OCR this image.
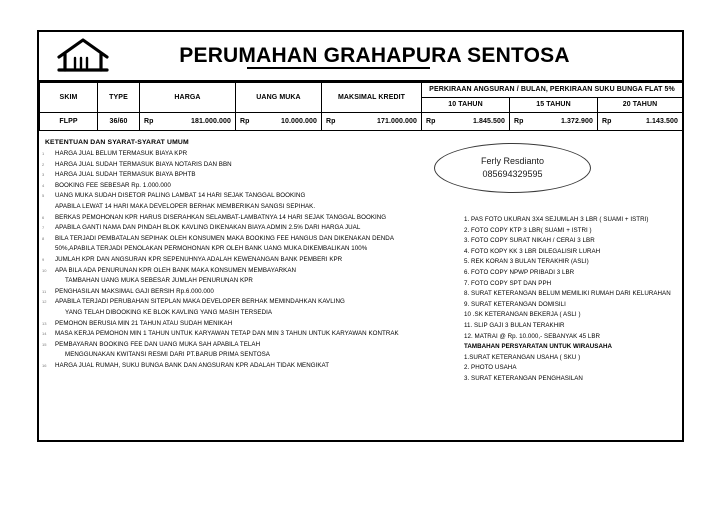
PERUMAHAN GRAHAPURA SENTOSA
SKIM	TYPE	HARGA	UANG MUKA	MAKSIMAL KREDIT	PERKIRAAN ANGSURAN / BULAN, PERKIRAAN SUKU BUNGA FLAT 5%		
					10 TAHUN	15 TAHUN	20 TAHUN
FLPP	36/60	Rp 181.000.000	Rp 10.000.000	Rp 171.000.000	Rp 1.845.500	Rp 1.372.900	Rp 1.143.500
KETENTUAN DAN SYARAT-SYARAT UMUM
1 HARGA JUAL BELUM TERMASUK BIAYA KPR
2 HARGA JUAL SUDAH TERMASUK BIAYA NOTARIS DAN BBN
3 HARGA JUAL SUDAH TERMASUK BIAYA BPHTB
4 BOOKING FEE SEBESAR Rp. 1.000.000
5 UANG MUKA SUDAH DISETOR PALING LAMBAT 14 HARI SEJAK TANGGAL BOOKING
APABILA LEWAT 14 HARI MAKA DEVELOPER BERHAK MEMBERIKAN SANGSI SEPIHAK.
6 BERKAS PEMOHONAN KPR HARUS DISERAHKAN SELAMBAT-LAMBATNYA 14 HARI SEJAK TANGGAL BOOKING
7 APABILA GANTI NAMA DAN PINDAH BLOK KAVLING DIKENAKAN BIAYA ADMIN 2.5% DARI HARGA JUAL
8 BILA TERJADI PEMBATALAN SEPIHAK OLEH KONSUMEN MAKA BOOKING FEE HANGUS DAN DIKENAKAN DENDA
50%,APABILA TERJADI PENOLAKAN PERMOHONAN KPR OLEH BANK UANG MUKA DIKEMBALIKAN 100%
9 JUMLAH KPR DAN ANGSURAN KPR SEPENUHNYA ADALAH KEWENANGAN BANK PEMBERI KPR
10 APA BILA ADA PENURUNAN KPR OLEH BANK MAKA KONSUMEN MEMBAYARKAN
TAMBAHAN UANG MUKA SEBESAR JUMLAH PENURUNAN KPR
11 PENGHASILAN MAKSIMAL GAJI BERSIH Rp.6.000.000
12 APABILA TERJADI PERUBAHAN SITEPLAN MAKA DEVELOPER BERHAK MEMINDAHKAN KAVLING
YANG TELAH DIBOOKING KE BLOK KAVLING YANG MASIH TERSEDIA
13 PEMOHON BERUSIA MIN 21 TAHUN ATAU SUDAH MENIKAH
14 MASA KERJA PEMOHON MIN 1 TAHUN UNTUK KARYAWAN TETAP DAN MIN 3 TAHUN UNTUK KARYAWAN KONTRAK
15 PEMBAYARAN BOOKING FEE DAN UANG MUKA SAH APABILA TELAH
MENGGUNAKAN KWITANSI RESMI DARI PT.BARUB PRIMA SENTOSA
16 HARGA JUAL RUMAH, SUKU BUNGA BANK DAN ANGSURAN KPR ADALAH TIDAK MENGIKAT
1. PAS FOTO UKURAN 3X4 SEJUMLAH 3 LBR ( SUAMI + ISTRI)
2. FOTO COPY KTP 3 LBR( SUAMI + ISTRI )
3. FOTO COPY SURAT NIKAH / CERAI 3 LBR
4. FOTO KOPY KK 3 LBR DILEGALISIR LURAH
5. REK KORAN 3 BULAN TERAKHIR (ASLI)
6. FOTO COPY NPWP PRIBADI 3 LBR
7. FOTO COPY SPT DAN PPH
8. SURAT KETERANGAN BELUM MEMILIKI RUMAH DARI KELURAHAN
9. SURAT KETERANGAN DOMISILI
10 .SK KETERANGAN BEKERJA ( ASLI )
11. SLIP GAJI 3 BULAN TERAKHIR
12. MATRAI @ Rp. 10.000,- SEBANYAK 45 LBR
TAMBAHAN PERSYARATAN UNTUK WIRAUSAHA
1.SURAT KETERANGAN USAHA ( SKU )
2. PHOTO USAHA
3. SURAT KETERANGAN PENGHASILAN
Ferly Resdianto
085694329595
